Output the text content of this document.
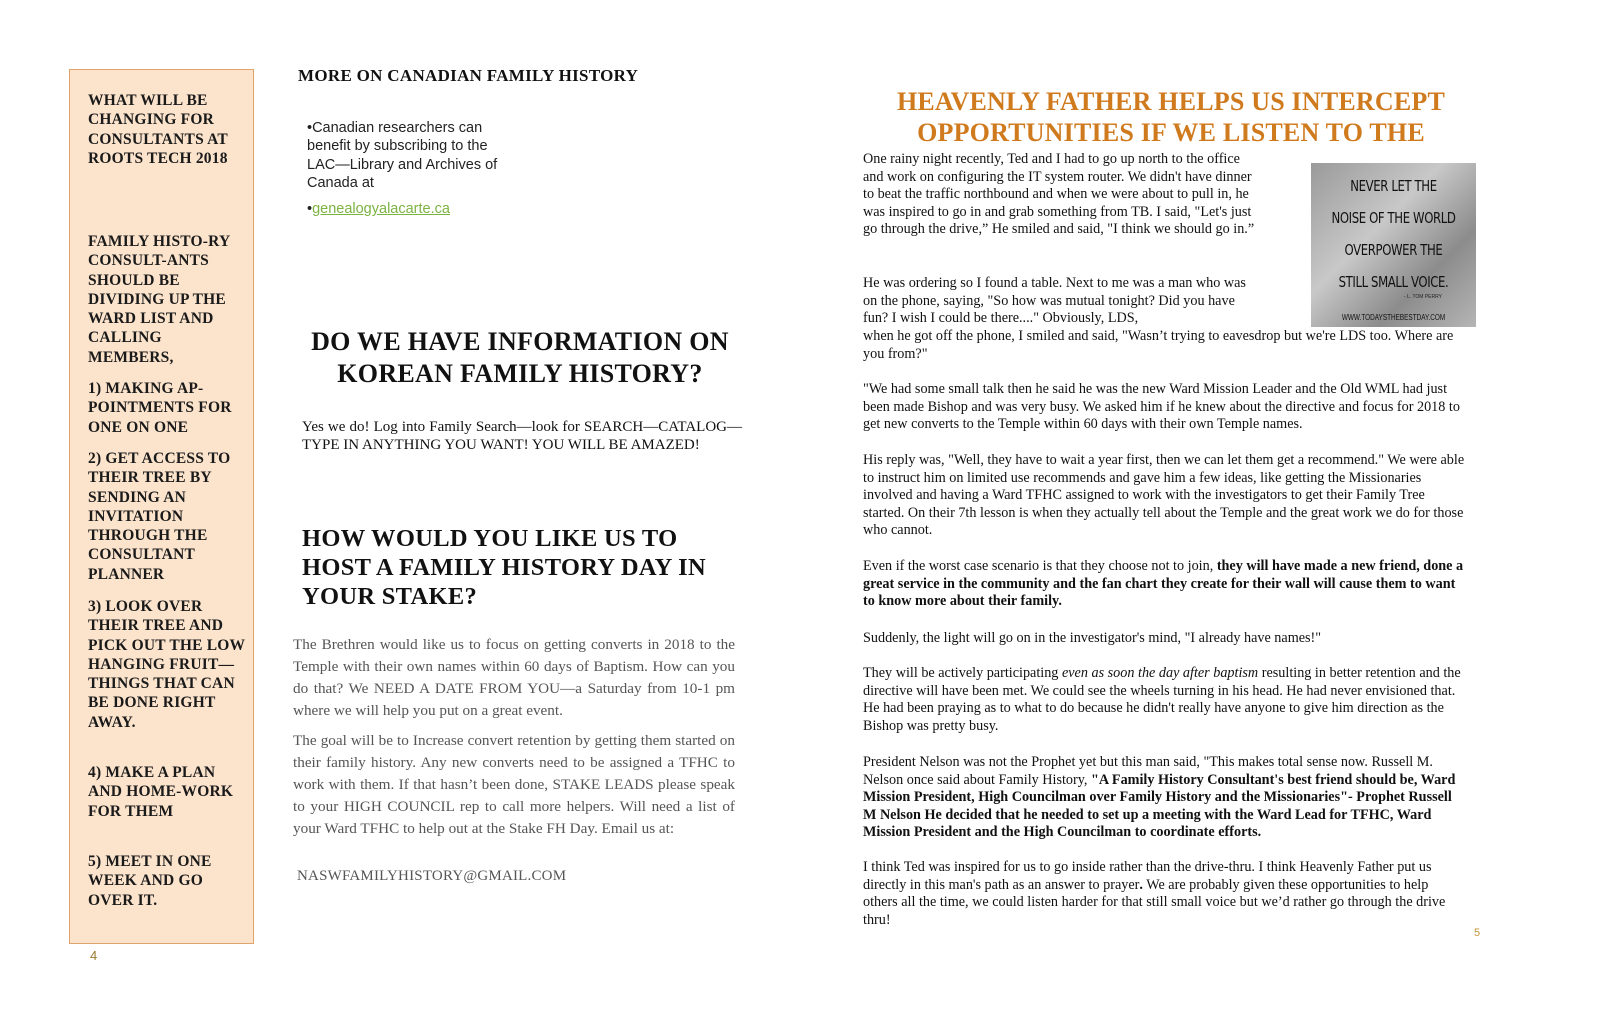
WHAT WILL BE CHANGING FOR CONSULTANTS AT ROOTS TECH 2018

FAMILY HISTO-RY CONSULT-ANTS SHOULD BE DIVIDING UP THE WARD LIST AND CALLING MEMBERS,

1) MAKING AP-POINTMENTS FOR ONE ON ONE

2) GET ACCESS TO THEIR TREE BY SENDING AN INVITATION THROUGH THE CONSULTANT PLANNER

3) LOOK OVER THEIR TREE AND PICK OUT THE LOW HANGING FRUIT—THINGS THAT CAN BE DONE RIGHT AWAY.

4) MAKE A PLAN AND HOME-WORK FOR THEM

5) MEET IN ONE WEEK AND GO OVER IT.

4

MORE ON CANADIAN FAMILY HISTORY

•Canadian researchers can benefit by subscribing to the LAC—Library and Archives of Canada at

•genealogyalacarte.ca

DO WE HAVE INFORMATION ON KOREAN FAMILY HISTORY?

Yes we do! Log into Family Search—look for SEARCH—CATALOG—TYPE IN ANYTHING YOU WANT! YOU WILL BE AMAZED!

HOW WOULD YOU LIKE US TO HOST A FAMILY HISTORY DAY IN YOUR STAKE?

The Brethren would like us to focus on getting converts in 2018 to the Temple with their own names within 60 days of Baptism. How can you do that? We NEED A DATE FROM YOU—a Saturday from 10-1 pm where we will help you put on a great event.

The goal will be to Increase convert retention by getting them started on their family history. Any new converts need to be assigned a TFHC to work with them. If that hasn’t been done, STAKE LEADS please speak to your HIGH COUNCIL rep to call more helpers. Will need a list of your Ward TFHC to help out at the Stake FH Day. Email us at:

NASWFAMILYHISTORY@GMAIL.COM

HEAVENLY FATHER HELPS US INTERCEPT OPPORTUNITIES IF WE LISTEN TO THE
NEVER LET THE
NOISE OF THE WORLD
OVERPOWER THE
STILL SMALL VOICE.
- L. TOM PERRY
WWW.TODAYSTHEBESTDAY.COM

One rainy night recently, Ted and I had to go up north to the office and work on configuring the IT system router. We didn't have dinner to beat the traffic northbound and when we were about to pull in, he was inspired to go in and grab something from TB. I said, "Let's just go through the drive,” He smiled and said, "I think we should go in.”

He was ordering so I found a table. Next to me was a man who was on the phone, saying, "So how was mutual tonight? Did you have fun? I wish I could be there...." Obviously, LDS,

when he got off the phone, I smiled and said, "Wasn’t trying to eavesdrop but we're LDS too. Where are you from?"

"We had some small talk then he said he was the new Ward Mission Leader and the Old WML had just been made Bishop and was very busy. We asked him if he knew about the directive and focus for 2018 to get new converts to the Temple within 60 days with their own Temple names.

His reply was, "Well, they have to wait a year first, then we can let them get a recommend." We were able to instruct him on limited use recommends and gave him a few ideas, like getting the Missionaries involved and having a Ward TFHC assigned to work with the investigators to get their Family Tree started. On their 7th lesson is when they actually tell about the Temple and the great work we do for those who cannot.

Even if the worst case scenario is that they choose not to join, they will have made a new friend, done a great service in the community and the fan chart they create for their wall will cause them to want to know more about their family.

Suddenly, the light will go on in the investigator's mind, "I already have names!"

They will be actively participating even as soon the day after baptism resulting in better retention and the directive will have been met. We could see the wheels turning in his head. He had never envisioned that. He had been praying as to what to do because he didn't really have anyone to give him direction as the Bishop was pretty busy.

President Nelson was not the Prophet yet but this man said, "This makes total sense now. Russell M. Nelson once said about Family History, "A Family History Consultant's best friend should be, Ward Mission President, High Councilman over Family History and the Missionaries"- Prophet Russell M Nelson He decided that he needed to set up a meeting with the Ward Lead for TFHC, Ward Mission President and the High Councilman to coordinate efforts.

I think Ted was inspired for us to go inside rather than the drive-thru. I think Heavenly Father put us directly in this man's path as an answer to prayer. We are probably given these opportunities to help others all the time, we could listen harder for that still small voice but we’d rather go through the drive thru!

5
